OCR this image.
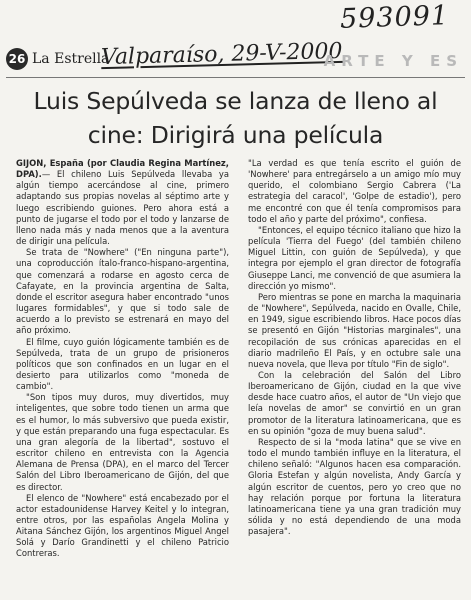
593091
26 La Estrella
Valparaíso, 29-V-2000
ARTE Y ES
Luis Sepúlveda se lanza de lleno al cine: Dirigirá una película

GIJON, España (por Claudia Regina Martínez, DPA).— El chileno Luis Sepúlveda llevaba ya algún tiempo acercándose al cine, primero adaptando sus propias novelas al séptimo arte y luego escribiendo guiones. Pero ahora está a punto de jugarse el todo por el todo y lanzarse de lleno nada más y nada menos que a la aventura de dirigir una película.

Se trata de "Nowhere" ("En ninguna parte"), una coproducción ítalo-franco-hispano-argentina, que comenzará a rodarse en agosto cerca de Cafayate, en la provincia argentina de Salta, donde el escritor asegura haber encontrado "unos lugares formidables", y que si todo sale de acuerdo a lo previsto se estrenará en mayo del año próximo.

El filme, cuyo guión lógicamente también es de Sepúlveda, trata de un grupo de prisioneros políticos que son confinados en un lugar en el desierto para utilizarlos como "moneda de cambio".

"Son tipos muy duros, muy divertidos, muy inteligentes, que sobre todo tienen un arma que es el humor, lo más subversivo que pueda existir, y que están preparando una fuga espectacular. Es una gran alegoría de la libertad", sostuvo el escritor chileno en entrevista con la Agencia Alemana de Prensa (DPA), en el marco del Tercer Salón del Libro Iberoamericano de Gijón, del que es director.

El elenco de "Nowhere" está encabezado por el actor estadounidense Harvey Keitel y lo integran, entre otros, por las españolas Angela Molina y Aitana Sánchez Gijón, los argentinos Miguel Angel Solá y Darío Grandinetti y el chileno Patricio Contreras.

"La verdad es que tenía escrito el guión de 'Nowhere' para entregárselo a un amigo mío muy querido, el colombiano Sergio Cabrera ('La estrategia del caracol', 'Golpe de estadio'), pero me encontré con que él tenía compromisos para todo el año y parte del próximo", confiesa.

"Entonces, el equipo técnico italiano que hizo la película 'Tierra del Fuego' (del también chileno Miguel Littin, con guión de Sepúlveda), y que integra por ejemplo el gran director de fotografía Giuseppe Lanci, me convenció de que asumiera la dirección yo mismo".

Pero mientras se pone en marcha la maquinaria de "Nowhere", Sepúlveda, nacido en Ovalle, Chile, en 1949, sigue escribiendo libros. Hace pocos días se presentó en Gijón "Historias marginales", una recopilación de sus crónicas aparecidas en el diario madrileño El País, y en octubre sale una nueva novela, que lleva por título "Fin de siglo".

Con la celebración del Salón del Libro Iberoamericano de Gijón, ciudad en la que vive desde hace cuatro años, el autor de "Un viejo que leía novelas de amor" se convirtió en un gran promotor de la literatura latinoamericana, que es en su opinión "goza de muy buena salud".

Respecto de si la "moda latina" que se vive en todo el mundo también influye en la literatura, el chileno señaló: "Algunos hacen esa comparación. Gloria Estefan y algún novelista, Andy García y algún escritor de cuentos, pero yo creo que no hay relación porque por fortuna la literatura latinoamericana tiene ya una gran tradición muy sólida y no está dependiendo de una moda pasajera".
